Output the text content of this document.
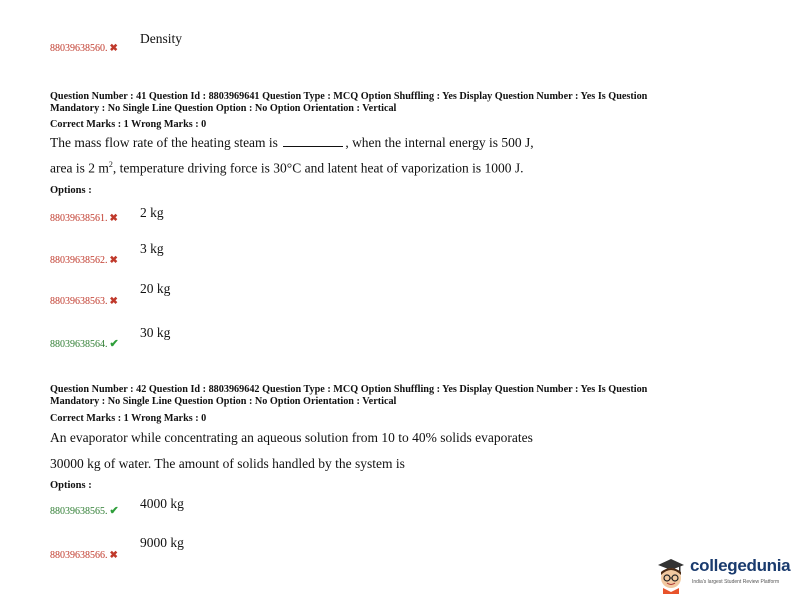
88039638560. ✖
Density
Question Number : 41 Question Id : 8803969641 Question Type : MCQ Option Shuffling : Yes Display Question Number : Yes Is Question
Mandatory : No Single Line Question Option : No Option Orientation : Vertical
Correct Marks : 1 Wrong Marks : 0
The mass flow rate of the heating steam is	, when the internal energy is 500 J,
area is 2 $m^2$, temperature driving force is 30°C and latent heat of vaporization is 1000 J.
Options :
88039638561. ✖ 2 kg
88039638562. ✖
3 kg
88039638563. ✖
20 kg
88039638564. ✔
30 kg
Question Number : 42 Question Id : 8803969642 Question Type : MCQ Option Shuffling : Yes Display Question Number : Yes Is Question
Mandatory : No Single Line Question Option : No Option Orientation : Vertical
Correct Marks : 1 Wrong Marks : 0
An evaporator while concentrating an aqueous solution from 10 to 40% solids evaporates
30000 kg of water. The amount of solids handled by the system is
Options :
88039638565. ✔ 4000 kg
88039638566. ✖
9000 kg
collegedunia
India's largest Student Review Platform
